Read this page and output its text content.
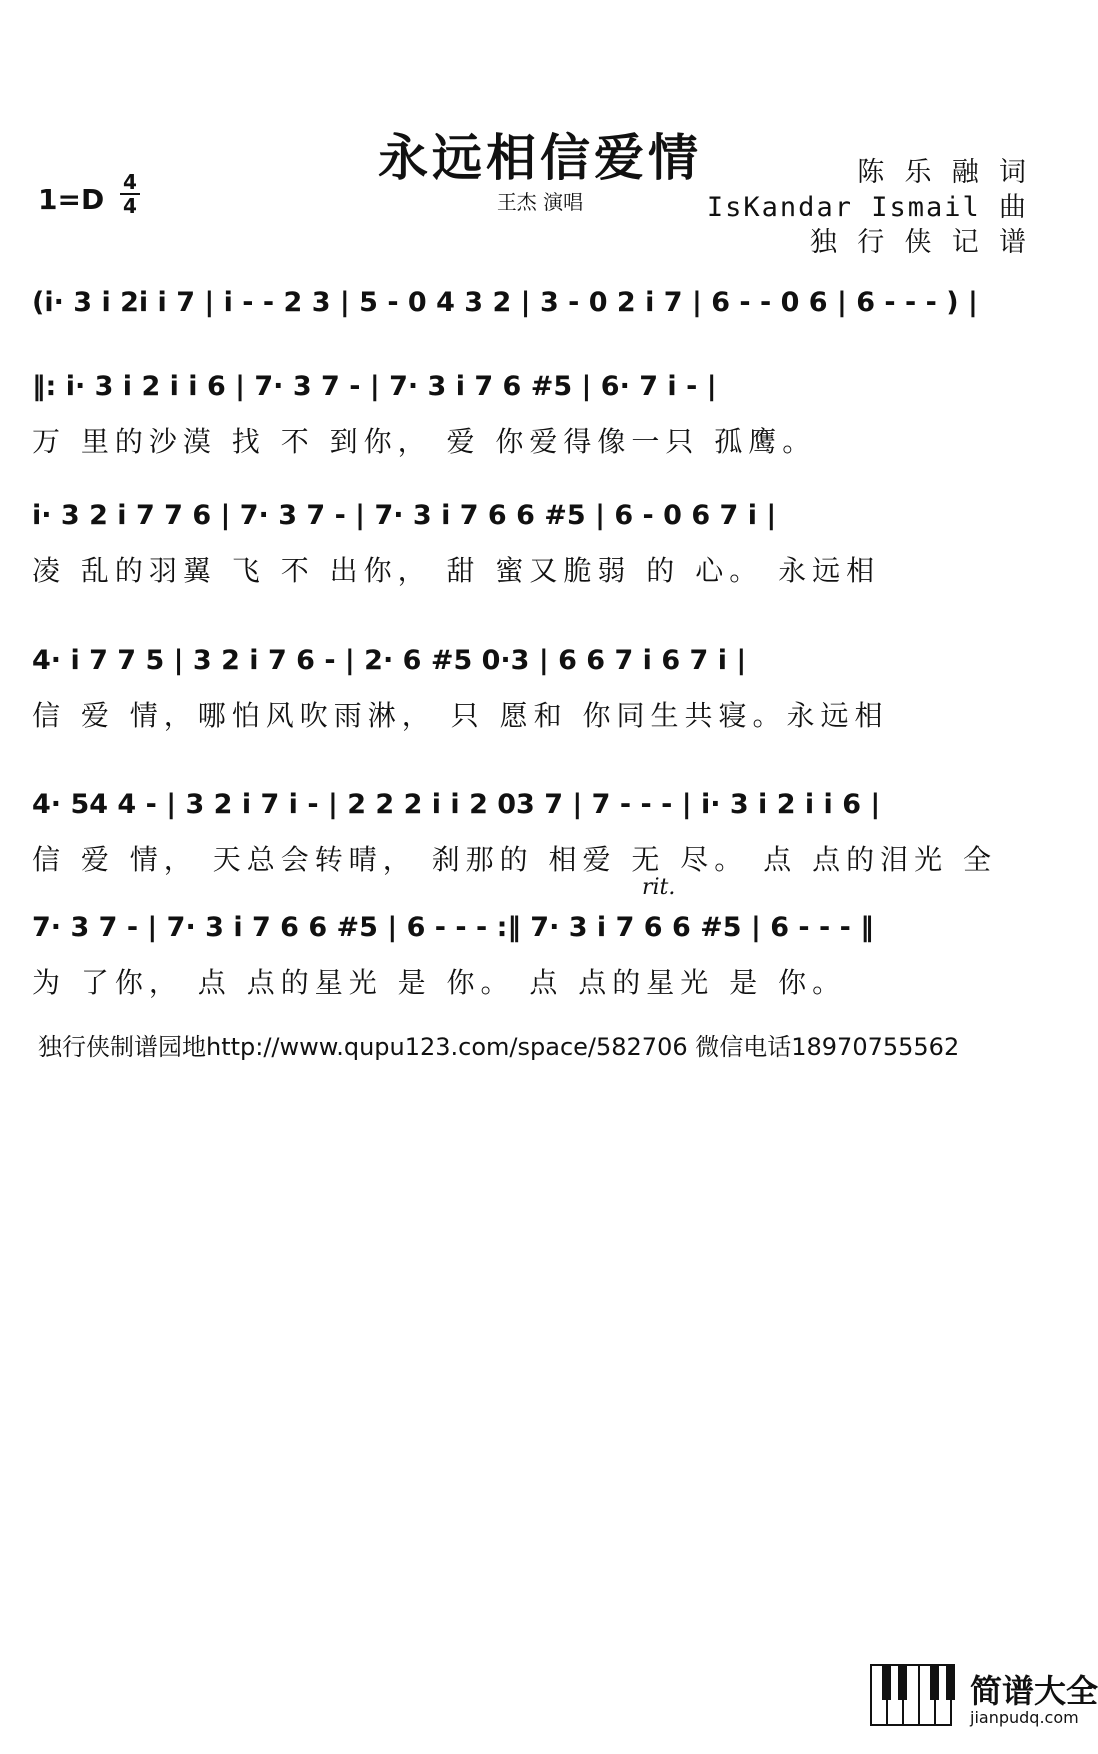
永远相信爱情
1=D
4
4	王杰 演唱
陈 乐 融 词
IsKandar Ismail 曲
独 行 侠 记 谱
(i· 3 i 2i i 7 | i - - 2 3 | 5 - 0 4 3 2 | 3 - 0 2 i 7 | 6 - - 0 6 | 6 - - - ) |
‖: i· 3 i 2 i i 6 | 7· 3 7 - | 7· 3 i 7 6 #5 | 6· 7 i - |
万 里的沙漠 找 不 到你， 爱 你爱得像一只 孤鹰。
i· 3 2 i 7 7 6 | 7· 3 7 - | 7· 3 i 7 6 6 #5 | 6 - 0 6 7 i |
凌 乱的羽翼 飞 不 出你， 甜 蜜又脆弱 的 心。 永远相
4· i 7 7 5 | 3 2 i 7 6 - | 2· 6 #5 0·3 | 6 6 7 i 6 7 i |
信 爱 情，哪怕风吹雨淋， 只 愿和 你同生共寝。永远相
4· 54 4 - | 3 2 i 7 i - | 2 2 2 i i 2 03 7 | 7 - - - | i· 3 i 2 i i 6 |
信 爱 情， 天总会转晴， 刹那的 相爱 无 尽。 点 点的泪光 全
rit.
7· 3 7 - | 7· 3 i 7 6 6 #5 | 6 - - - :‖ 7· 3 i 7 6 6 #5 | 6 - - - ‖
为 了你， 点 点的星光 是 你。 点 点的星光 是 你。
独行侠制谱园地http://www.qupu123.com/space/582706 微信电话18970755562
简谱大全
jianpudq.com
